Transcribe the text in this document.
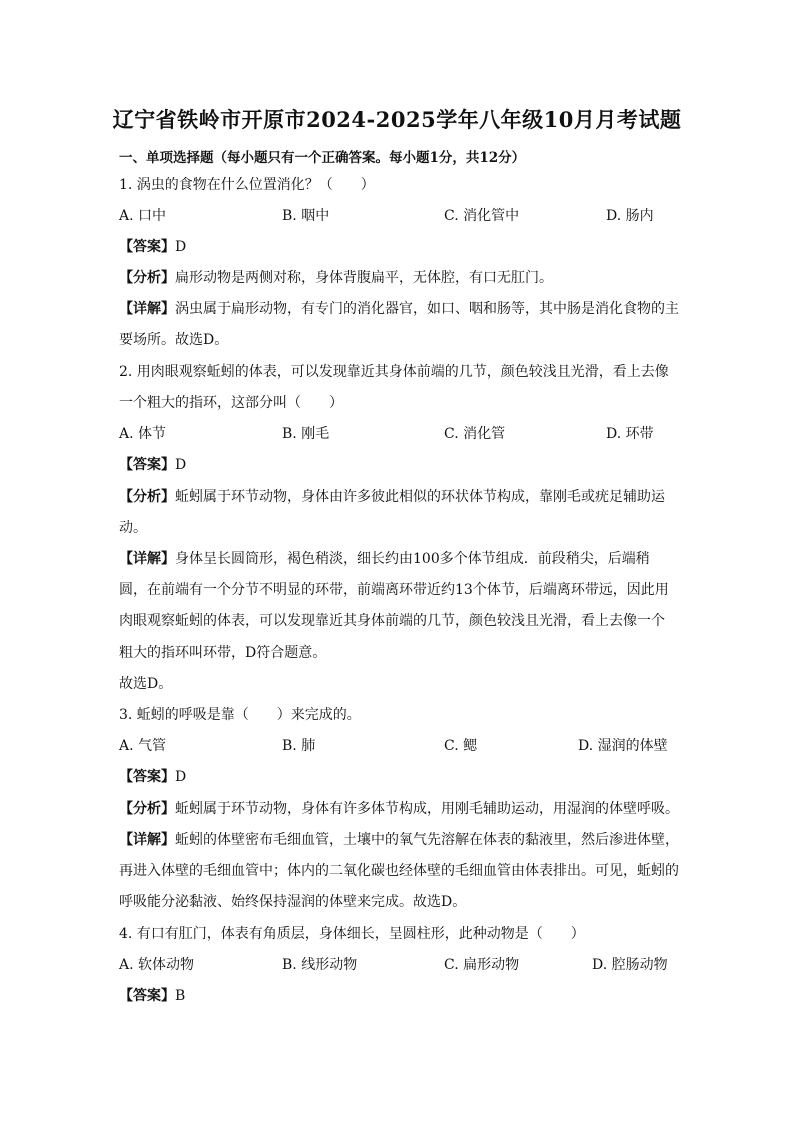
辽宁省铁岭市开原市2024-2025学年八年级10月月考试题
一、单项选择题（每小题只有一个正确答案。每小题1分，共12分）
1. 涡虫的食物在什么位置消化？（　　）
A. 口中	B. 咽中	C. 消化管中	D. 肠内
【答案】D
【分析】扁形动物是两侧对称，身体背腹扁平，无体腔，有口无肛门。
【详解】涡虫属于扁形动物，有专门的消化器官，如口、咽和肠等，其中肠是消化食物的主
要场所。故选D。
2. 用肉眼观察蚯蚓的体表，可以发现靠近其身体前端的几节，颜色较浅且光滑，看上去像
一个粗大的指环，这部分叫（　　）
A. 体节	B. 刚毛	C. 消化管	D. 环带
【答案】D
【分析】蚯蚓属于环节动物，身体由许多彼此相似的环状体节构成，靠刚毛或疣足辅助运
动。
【详解】身体呈长圆筒形，褐色稍淡，细长约由100多个体节组成．前段稍尖，后端稍
圆，在前端有一个分节不明显的环带，前端离环带近约13个体节，后端离环带远，因此用
肉眼观察蚯蚓的体表，可以发现靠近其身体前端的几节，颜色较浅且光滑，看上去像一个
粗大的指环叫环带，D符合题意。
故选D。
3. 蚯蚓的呼吸是靠（　　）来完成的。
A. 气管	B. 肺	C. 鳃	D. 湿润的体壁
【答案】D
【分析】蚯蚓属于环节动物，身体有许多体节构成，用刚毛辅助运动，用湿润的体壁呼吸。
【详解】蚯蚓的体壁密布毛细血管，土壤中的氧气先溶解在体表的黏液里，然后渗进体壁，
再进入体壁的毛细血管中；体内的二氧化碳也经体壁的毛细血管由体表排出。可见，蚯蚓的
呼吸能分泌黏液、始终保持湿润的体壁来完成。故选D。
4. 有口有肛门，体表有角质层，身体细长，呈圆柱形，此种动物是（　　）
A. 软体动物	B. 线形动物	C. 扁形动物	D. 腔肠动物
【答案】B
